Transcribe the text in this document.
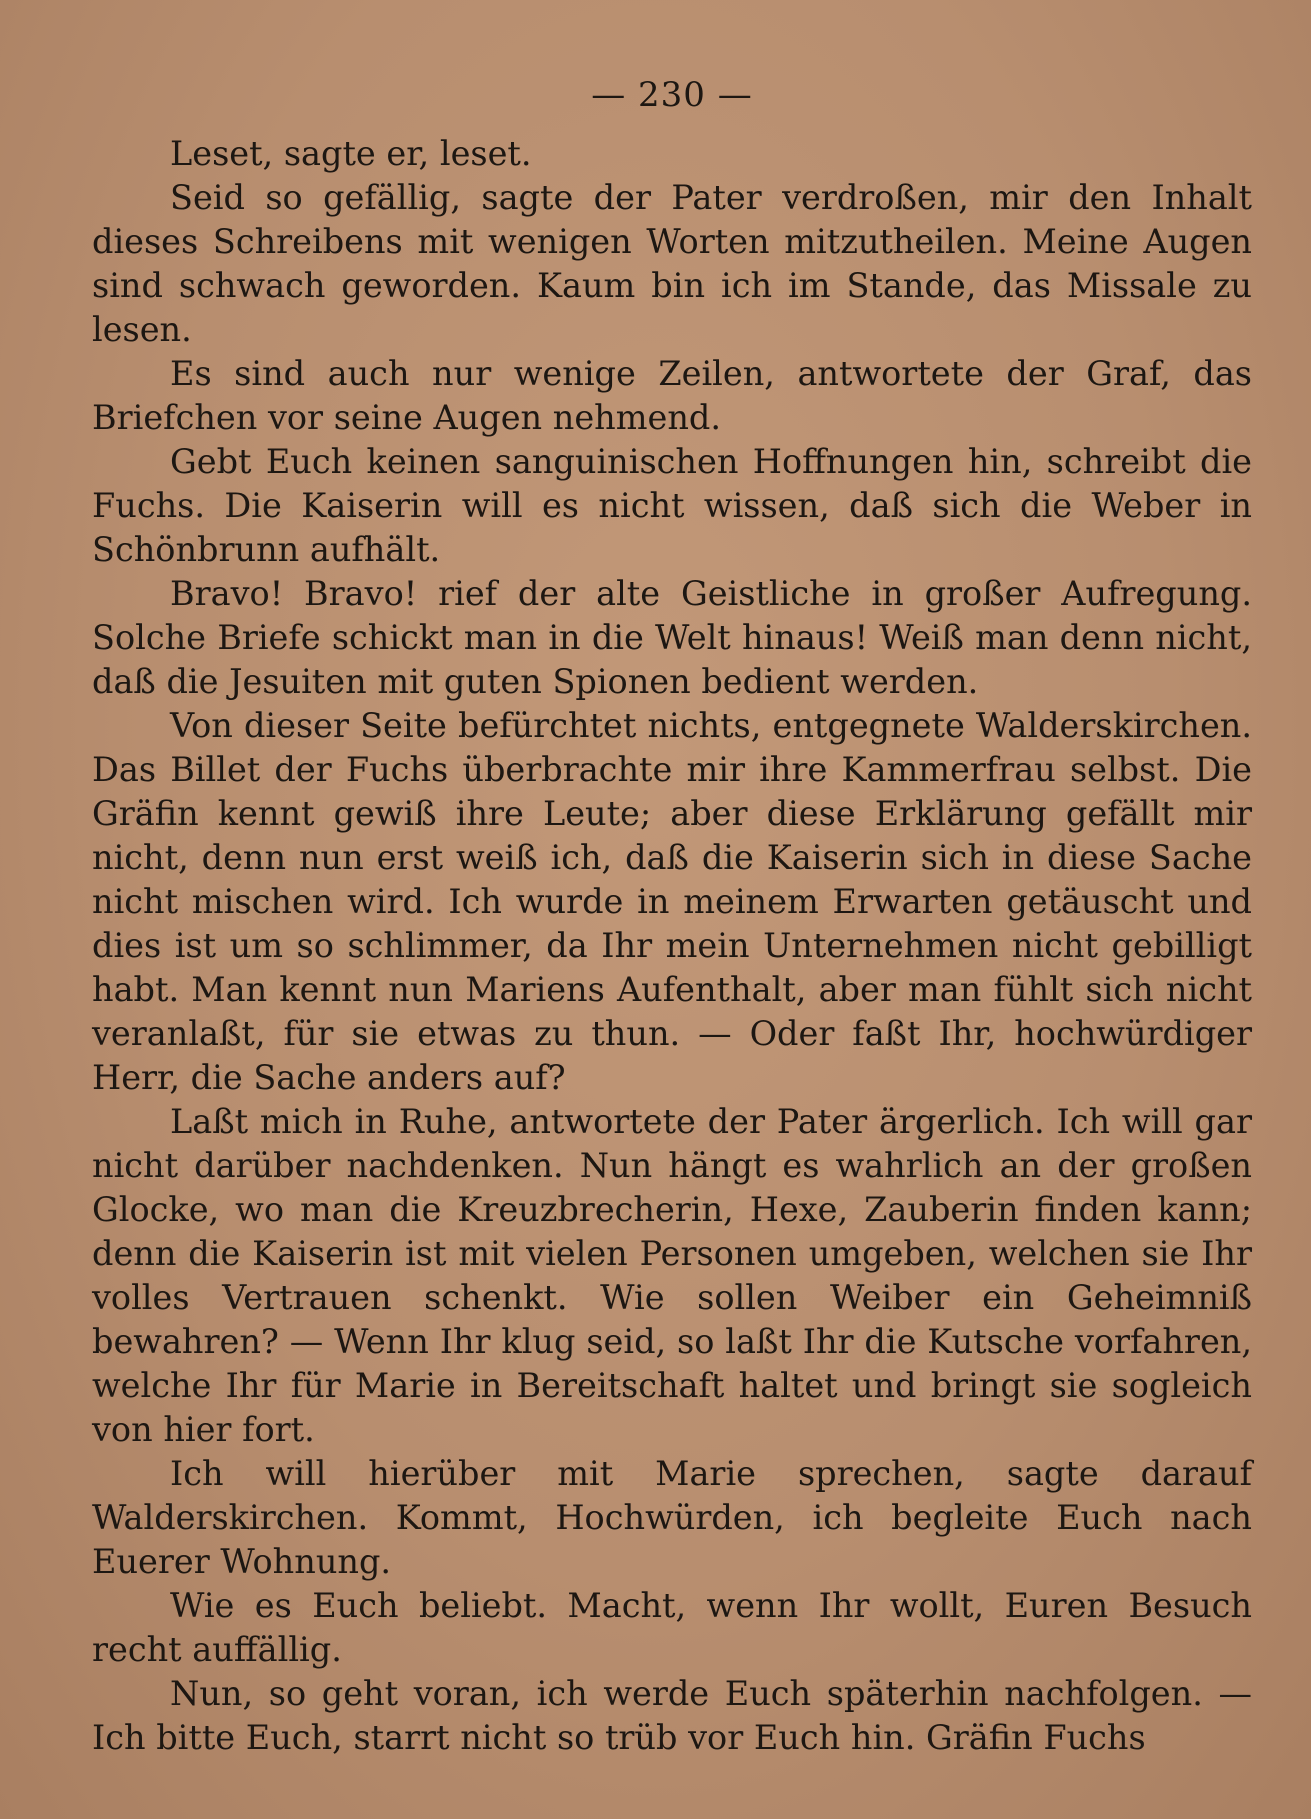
— 230 —

Leset, sagte er, leset.

Seid so gefällig, sagte der Pater verdroßen, mir den Inhalt dieses Schreibens mit wenigen Worten mitzutheilen. Meine Augen sind schwach geworden. Kaum bin ich im Stande, das Missale zu lesen.

Es sind auch nur wenige Zeilen, antwortete der Graf, das Briefchen vor seine Augen nehmend.

Gebt Euch keinen sanguinischen Hoffnungen hin, schreibt die Fuchs. Die Kaiserin will es nicht wissen, daß sich die Weber in Schönbrunn aufhält.

Bravo! Bravo! rief der alte Geistliche in großer Aufregung. Solche Briefe schickt man in die Welt hinaus! Weiß man denn nicht, daß die Jesuiten mit guten Spionen bedient werden.

Von dieser Seite befürchtet nichts, entgegnete Walderskirchen. Das Billet der Fuchs überbrachte mir ihre Kammerfrau selbst. Die Gräfin kennt gewiß ihre Leute; aber diese Erklärung gefällt mir nicht, denn nun erst weiß ich, daß die Kaiserin sich in diese Sache nicht mischen wird. Ich wurde in meinem Erwarten getäuscht und dies ist um so schlimmer, da Ihr mein Unternehmen nicht gebilligt habt. Man kennt nun Mariens Aufenthalt, aber man fühlt sich nicht veranlaßt, für sie etwas zu thun. — Oder faßt Ihr, hochwürdiger Herr, die Sache anders auf?

Laßt mich in Ruhe, antwortete der Pater ärgerlich. Ich will gar nicht darüber nachdenken. Nun hängt es wahrlich an der großen Glocke, wo man die Kreuzbrecherin, Hexe, Zauberin finden kann; denn die Kaiserin ist mit vielen Personen umgeben, welchen sie Ihr volles Vertrauen schenkt. Wie sollen Weiber ein Geheimniß bewahren? — Wenn Ihr klug seid, so laßt Ihr die Kutsche vorfahren, welche Ihr für Marie in Bereitschaft haltet und bringt sie sogleich von hier fort.

Ich will hierüber mit Marie sprechen, sagte darauf Walderskirchen. Kommt, Hochwürden, ich begleite Euch nach Euerer Wohnung.

Wie es Euch beliebt. Macht, wenn Ihr wollt, Euren Besuch recht auffällig.

Nun, so geht voran, ich werde Euch späterhin nachfolgen. — Ich bitte Euch, starrt nicht so trüb vor Euch hin. Gräfin Fuchs
